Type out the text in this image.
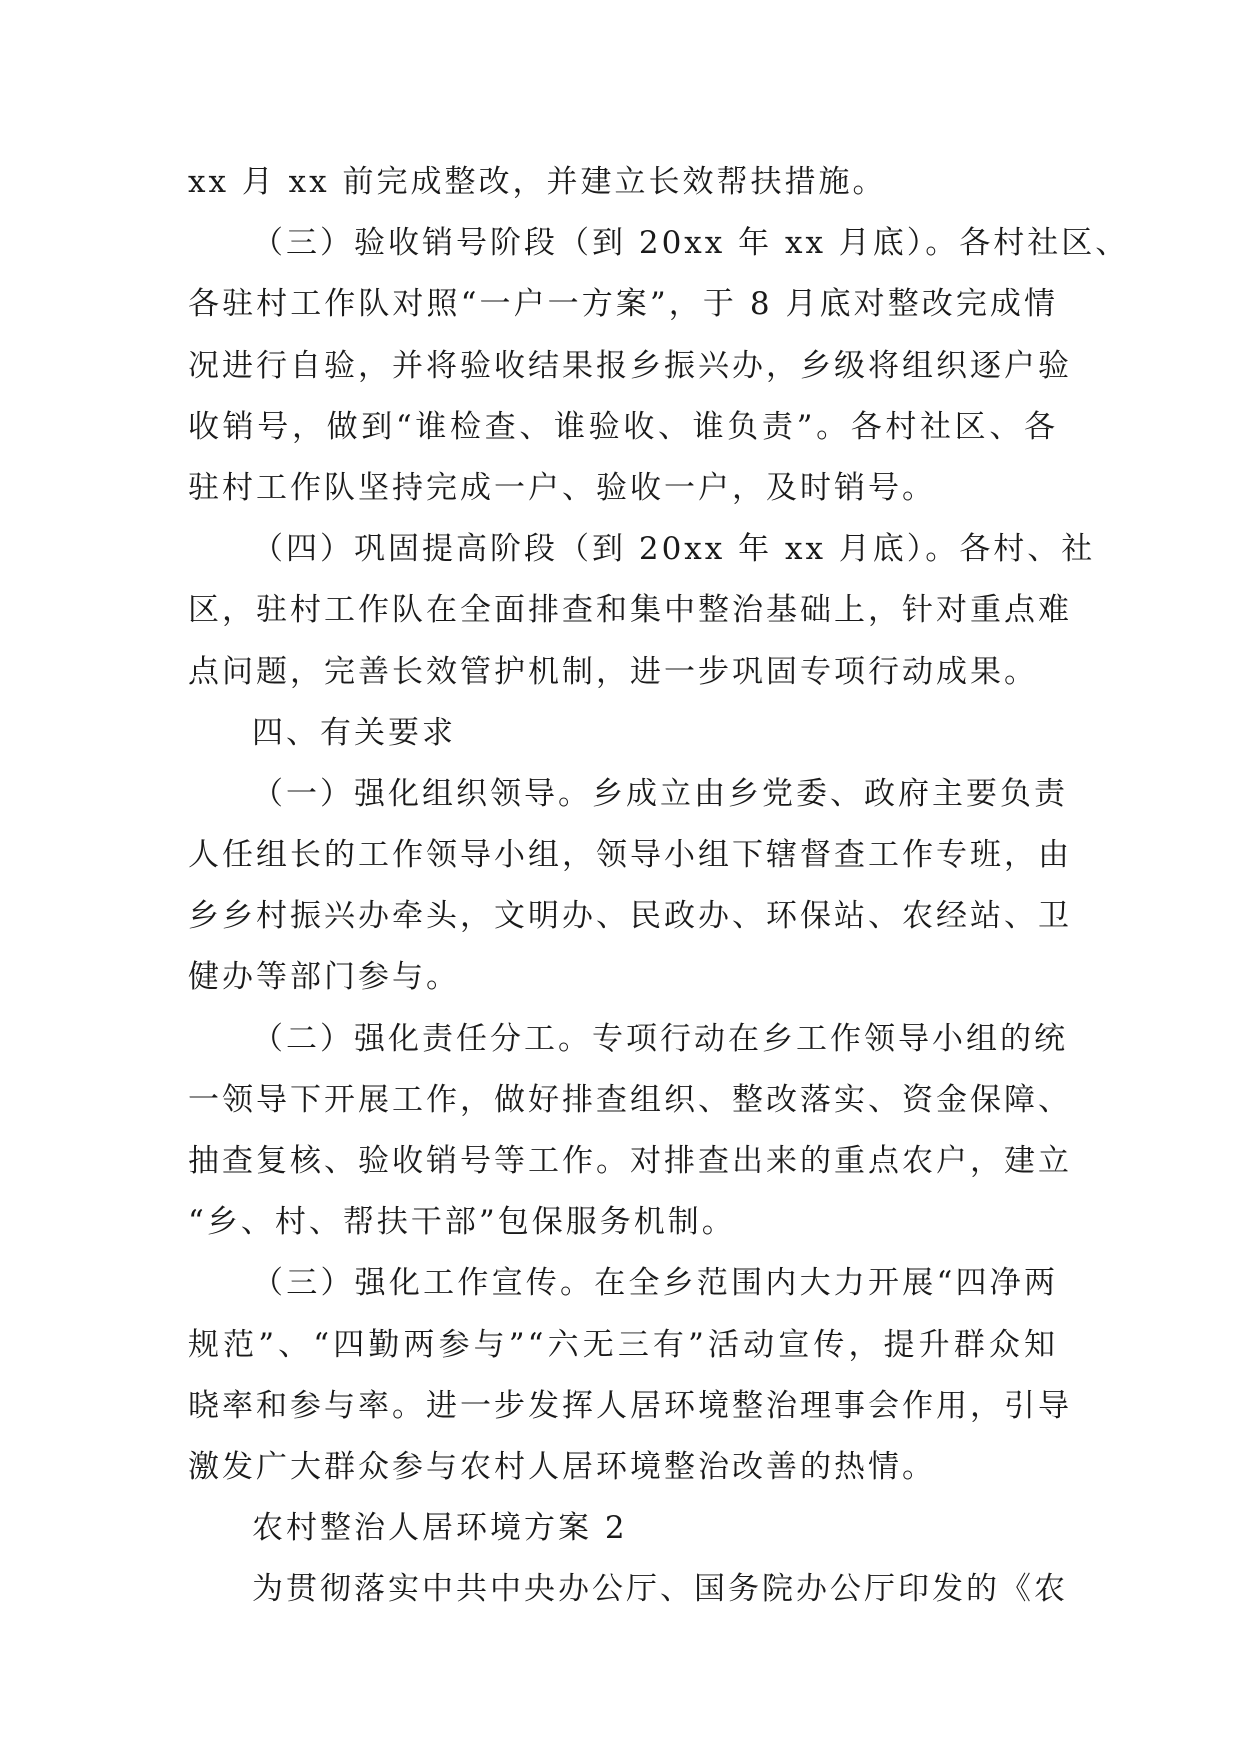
xx 月 xx 前完成整改，并建立长效帮扶措施。
（三）验收销号阶段（到 20xx 年 xx 月底）。各村社区、
各驻村工作队对照“一户一方案”，于 8 月底对整改完成情
况进行自验，并将验收结果报乡振兴办，乡级将组织逐户验
收销号，做到“谁检查、谁验收、谁负责”。各村社区、各
驻村工作队坚持完成一户、验收一户，及时销号。
（四）巩固提高阶段（到 20xx 年 xx 月底）。各村、社
区，驻村工作队在全面排查和集中整治基础上，针对重点难
点问题，完善长效管护机制，进一步巩固专项行动成果。
四、有关要求
（一）强化组织领导。乡成立由乡党委、政府主要负责
人任组长的工作领导小组，领导小组下辖督查工作专班，由
乡乡村振兴办牵头，文明办、民政办、环保站、农经站、卫
健办等部门参与。
（二）强化责任分工。专项行动在乡工作领导小组的统
一领导下开展工作，做好排查组织、整改落实、资金保障、
抽查复核、验收销号等工作。对排查出来的重点农户，建立
“乡、村、帮扶干部”包保服务机制。
（三）强化工作宣传。在全乡范围内大力开展“四净两
规范”、“四勤两参与”“六无三有”活动宣传，提升群众知
晓率和参与率。进一步发挥人居环境整治理事会作用，引导
激发广大群众参与农村人居环境整治改善的热情。
农村整治人居环境方案 2
为贯彻落实中共中央办公厅、国务院办公厅印发的《农
